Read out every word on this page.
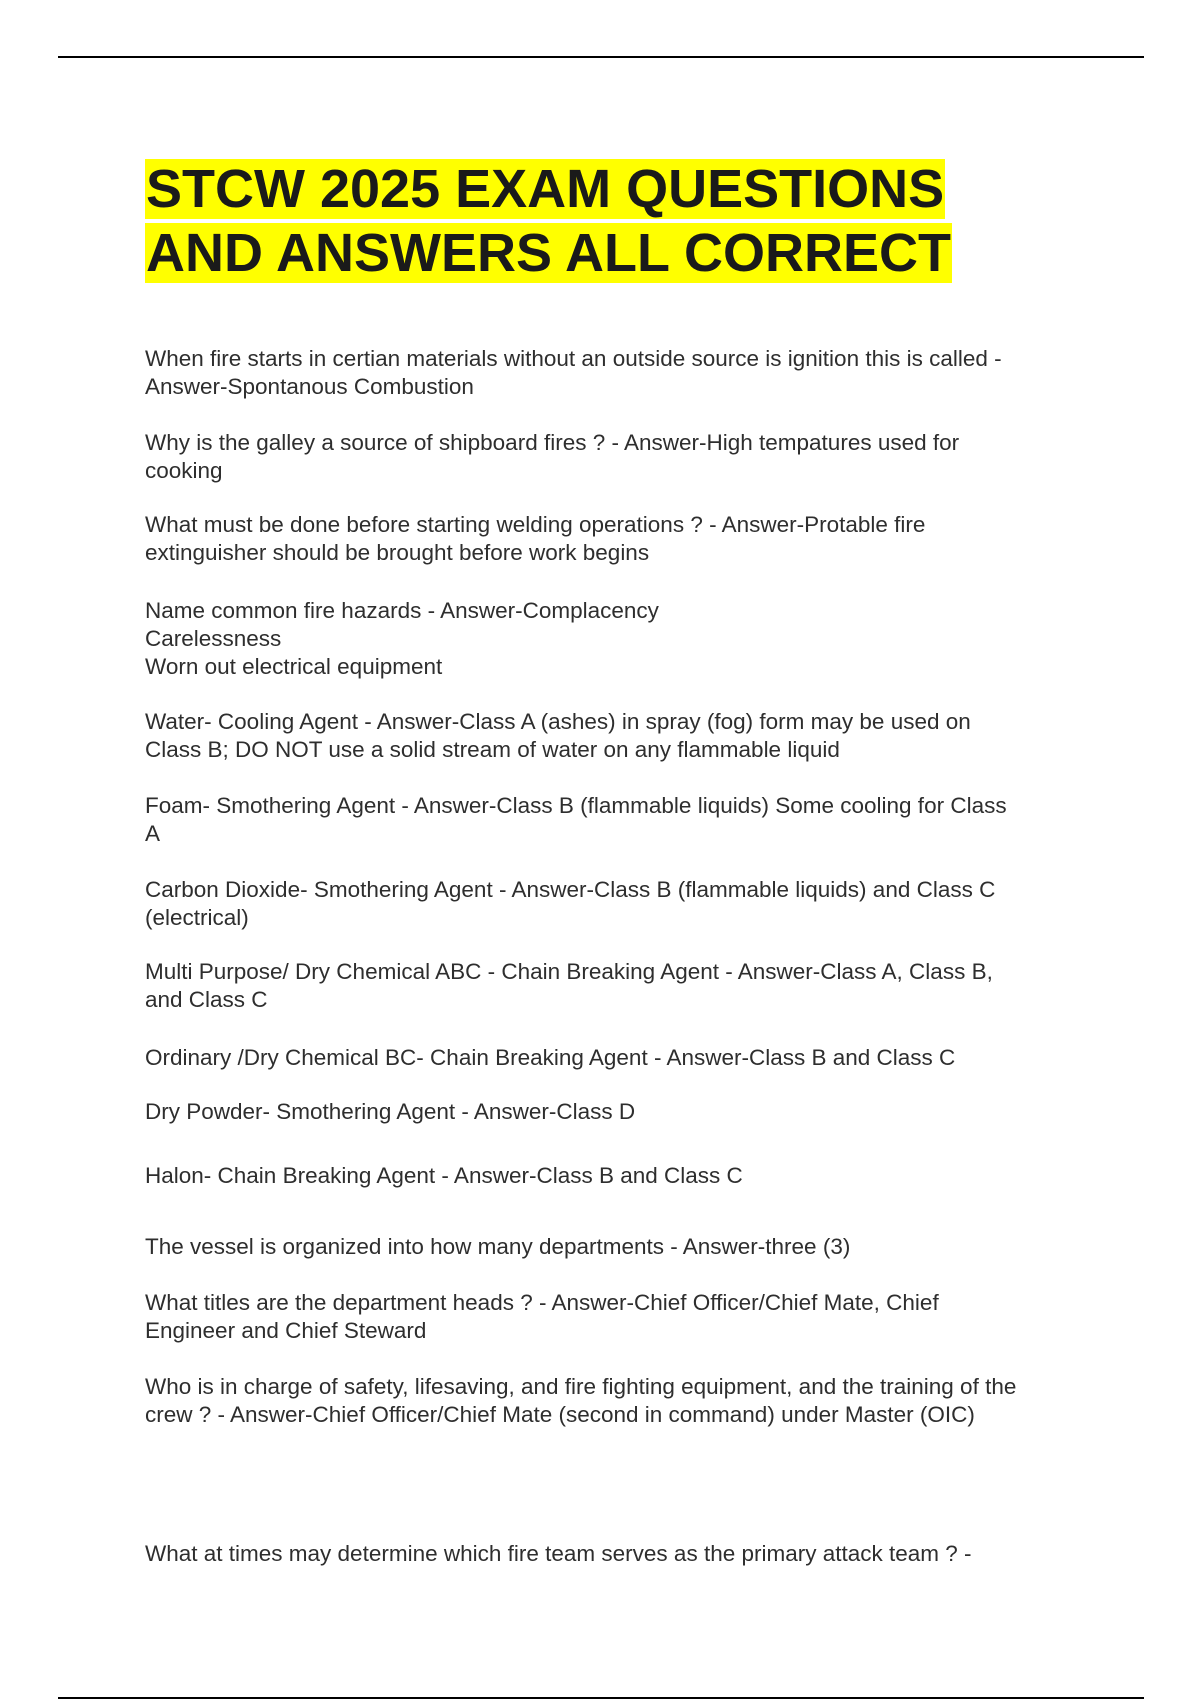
STCW 2025 EXAM QUESTIONS
AND ANSWERS ALL CORRECT

When fire starts in certian materials without an outside source is ignition this is called -
Answer-Spontanous Combustion

Why is the galley a source of shipboard fires ? - Answer-High tempatures used for
cooking

What must be done before starting welding operations ? - Answer-Protable fire
extinguisher should be brought before work begins

Name common fire hazards - Answer-Complacency
Carelessness
Worn out electrical equipment

Water- Cooling Agent - Answer-Class A (ashes) in spray (fog) form may be used on
Class B; DO NOT use a solid stream of water on any flammable liquid

Foam- Smothering Agent - Answer-Class B (flammable liquids) Some cooling for Class
A

Carbon Dioxide- Smothering Agent - Answer-Class B (flammable liquids) and Class C
(electrical)

Multi Purpose/ Dry Chemical ABC - Chain Breaking Agent - Answer-Class A, Class B,
and Class C

Ordinary /Dry Chemical BC- Chain Breaking Agent - Answer-Class B and Class C

Dry Powder- Smothering Agent - Answer-Class D

Halon- Chain Breaking Agent - Answer-Class B and Class C

The vessel is organized into how many departments - Answer-three (3)

What titles are the department heads ? - Answer-Chief Officer/Chief Mate, Chief
Engineer and Chief Steward

Who is in charge of safety, lifesaving, and fire fighting equipment, and the training of the
crew ? - Answer-Chief Officer/Chief Mate (second in command) under Master (OIC)

What at times may determine which fire team serves as the primary attack team ? -
